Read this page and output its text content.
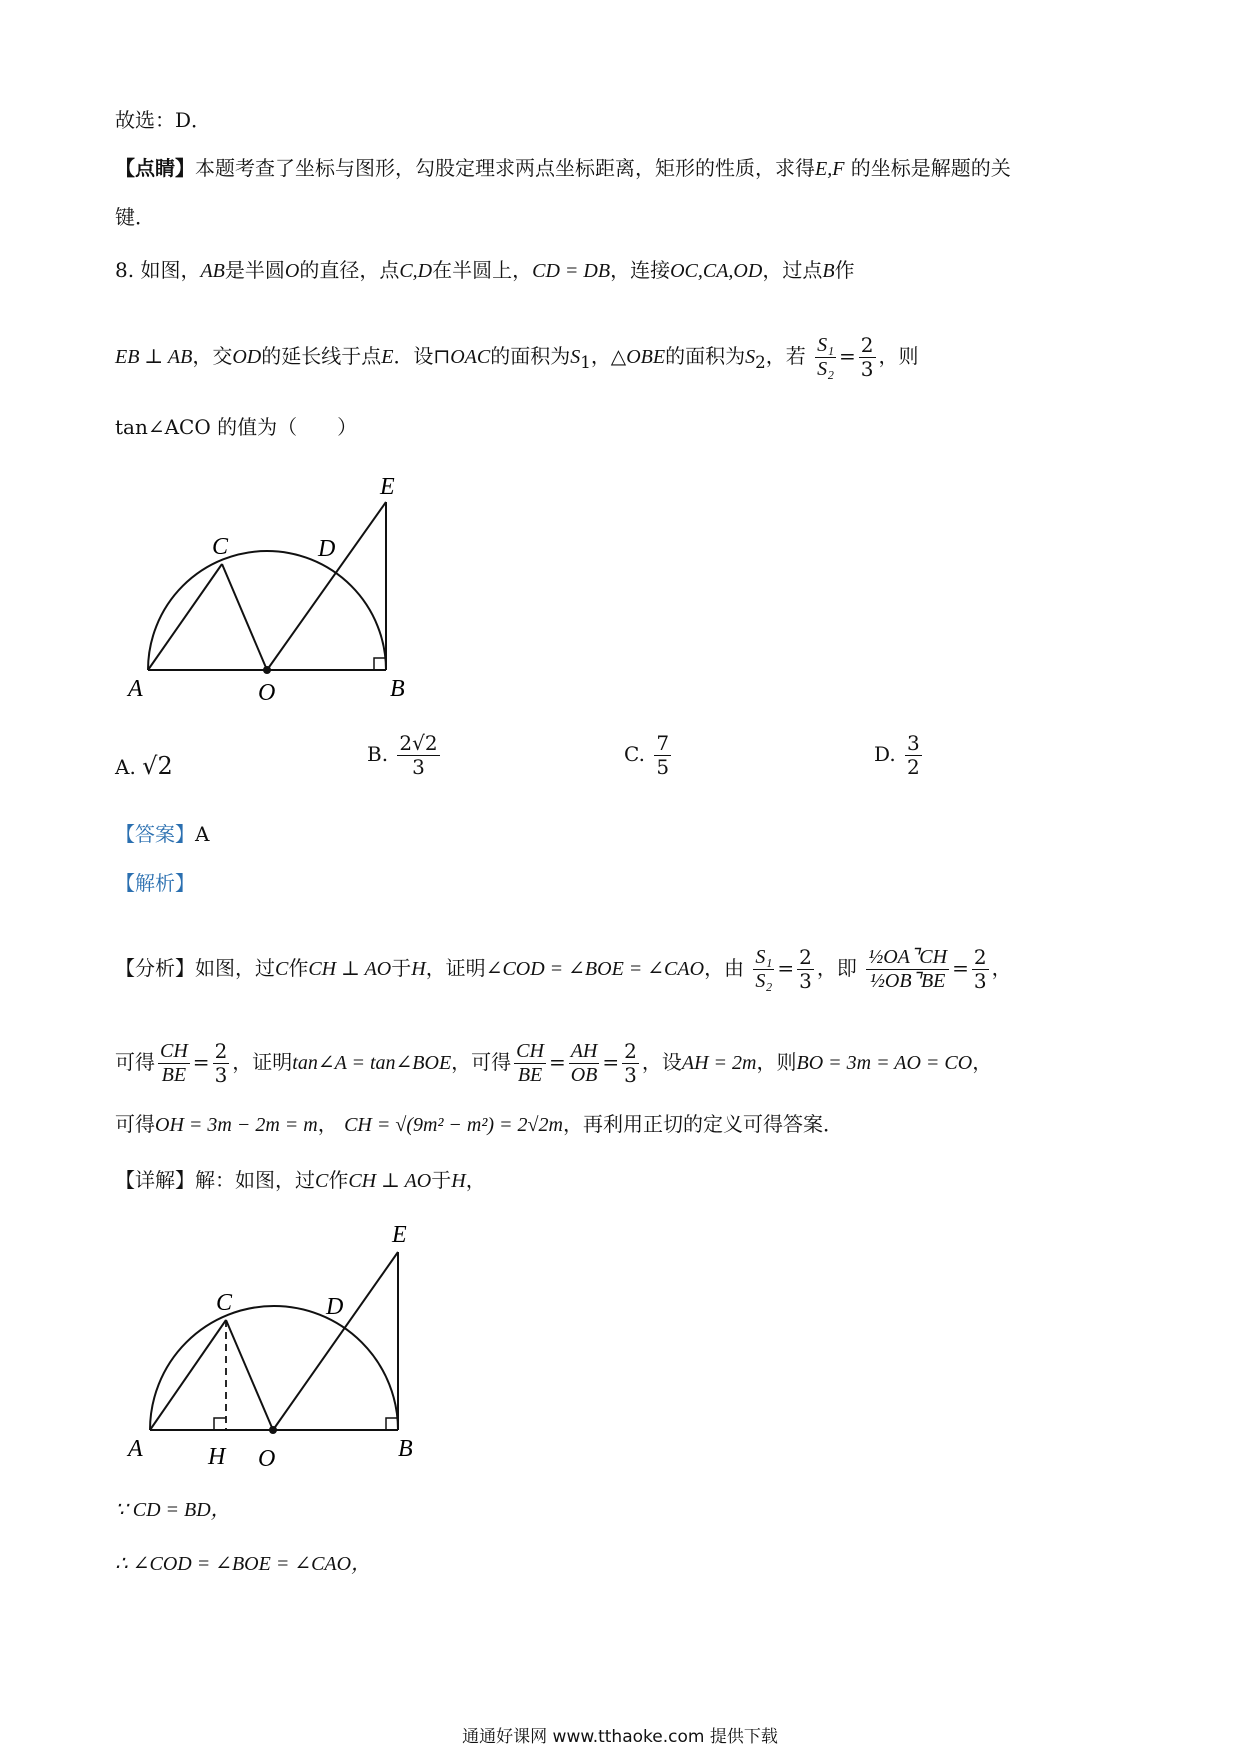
故选：D．
【点睛】本题考查了坐标与图形，勾股定理求两点坐标距离，矩形的性质，求得E,F 的坐标是解题的关
键．
8. 如图，AB是半圆O的直径，点C,D在半圆上，CD = DB，连接OC,CA,OD，过点B作
EB ⊥ AB，交OD的延长线于点E．设⊓OAC的面积为$S_1$，△OBE的面积为$S_2$，若 $\frac{\text{S₁}}{\text{S₂}} = \frac{2}{3}$ ，则
tan∠ACO 的值为（　　）
A	O	B
C	D
E
A. √2	B. $\frac{2√2}{3}$	C. $\frac{7}{5}$	D. $\frac{3}{2}$
【答案】A
【解析】
【分析】如图，过C作CH ⊥ AO于H，证明∠COD = ∠BOE = ∠CAO，由 $\frac{\text{S₁}}{\text{S₂}} = \frac{2}{3}$ ，即 $\frac{\text{½OA⌝CH}}{\text{½OB⌝BE}} = \frac{2}{3}$ ，
可得 $\frac{CH}{BE} = \frac{2}{3}$ ，证明tan∠A = tan∠BOE，可得 $\frac{CH}{BE} = \frac{AH}{OB} = \frac{2}{3}$ ，设AH = 2m，则BO = 3m = AO = CO，
可得OH = 3m − 2m = m， CH = √(9m² − m²) = 2√2m，再利用正切的定义可得答案．
【详解】解：如图，过C作CH ⊥ AO于H，
A	H O	B
C	D
E
∵ CD = BD，
∴ ∠COD = ∠BOE = ∠CAO，
通通好课网 www.tthaoke.com 提供下载
